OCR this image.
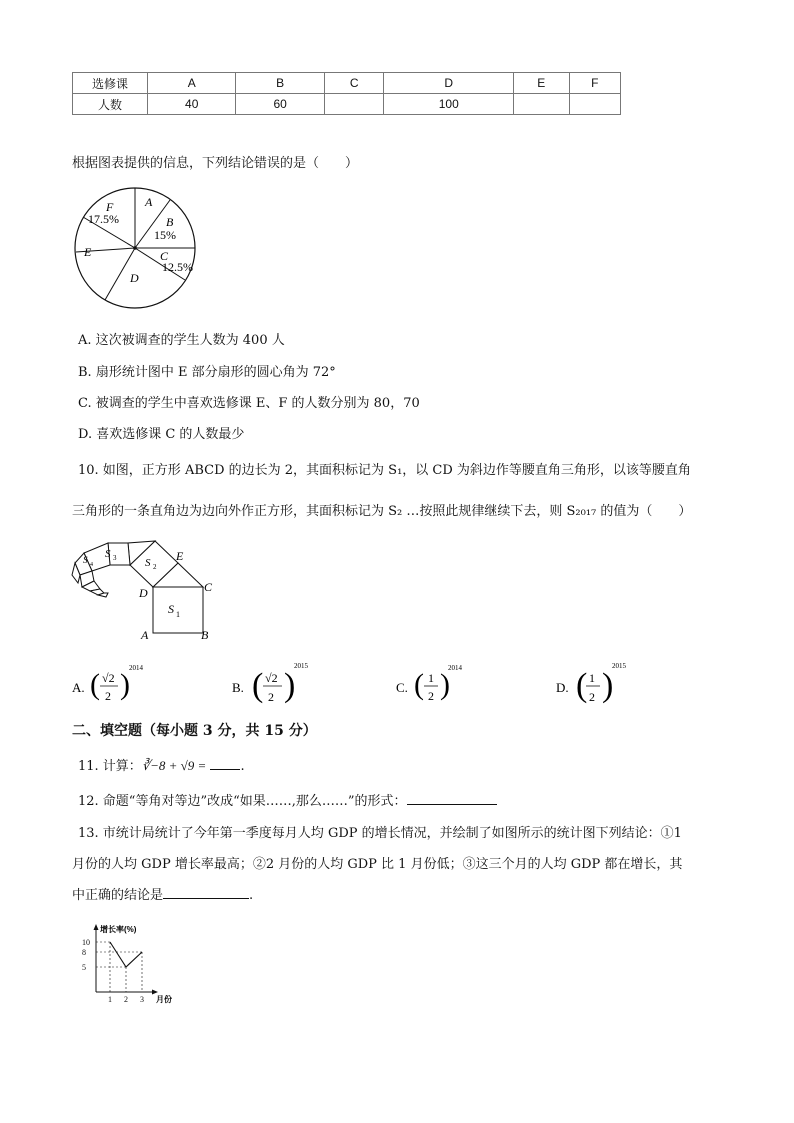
选修课	A	B	C	D	E	F
人数	40	60		100		
根据图表提供的信息，下列结论错误的是（　　）
A
B
15%
C
12.5%
D
E
F
17.5%
A. 这次被调查的学生人数为 400 人
B. 扇形统计图中 E 部分扇形的圆心角为 72°
C. 被调查的学生中喜欢选修课 E、F 的人数分别为 80，70
D. 喜欢选修课 C 的人数最少
10. 如图，正方形 ABCD 的边长为 2，其面积标记为 S₁，以 CD 为斜边作等腰直角三角形，以该等腰直角
三角形的一条直角边为边向外作正方形，其面积标记为 S₂ …按照此规律继续下去，则 S₂₀₁₇ 的值为（　　）
S 3	S 2
S 4
S 1
E
C
D
A	B
A. ( √2
2 ) 2014
B. ( √2
2 )
2015
C. ( 1
2 )
2014
D. ( 1
2 )
2015
二、填空题（每小题 3 分，共 15 分）
11. 计算：∛−8 + √9 =	.
12. 命题“等角对等边”改成“如果……,那么……”的形式：
13. 市统计局统计了今年第一季度每月人均 GDP 的增长情况，并绘制了如图所示的统计图下列结论：①1
月份的人均 GDP 增长率最高；②2 月份的人均 GDP 比 1 月份低；③这三个月的人均 GDP 都在增长，其
中正确的结论是	.
10
8
5
1 2 3
增长率(%)
月份
